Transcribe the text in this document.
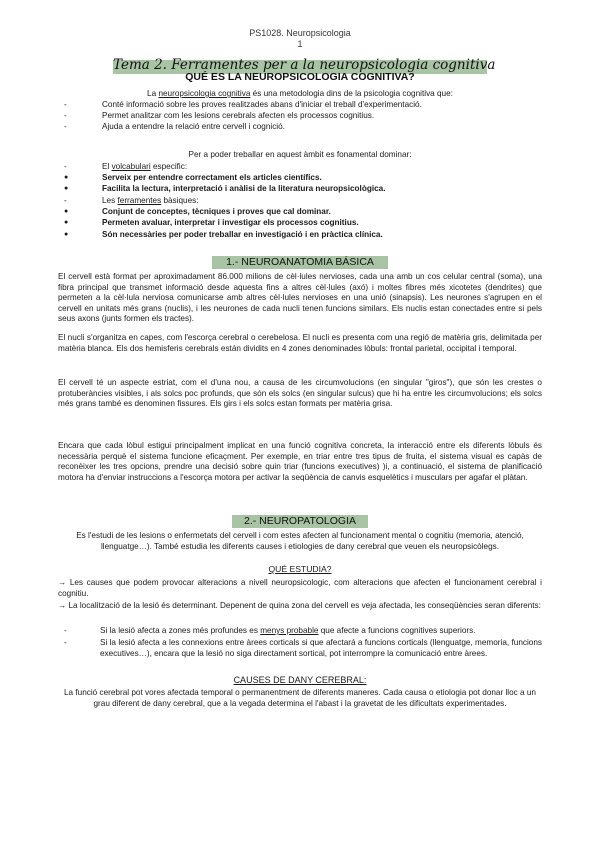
PS1028. Neuropsicologia
1
Tema 2. Ferramentes per a la neuropsicologia cognitiva
QUÉ ES LA NEUROPSICOLOGIA COGNITIVA?
La neuropsicologia cognitiva és una metodologia dins de la psicologia cognitiva que:
-	Conté informació sobre les proves realitzades abans d'iniciar el treball d'experimentació.
-	Permet analitzar com les lesions cerebrals afecten els processos cognitius.
-	Ajuda a entendre la relació entre cervell i cognició.
Per a poder treballar en aquest àmbit es fonamental dominar:
-	El volcabulari especific:
●	Serveix per entendre correctament els articles científics.
●	Facilita la lectura, interpretació i anàlisi de la literatura neuropsicològica.
-	Les ferramentes bàsiques:
●	Conjunt de conceptes, tècniques i proves que cal dominar.
●	Permeten avaluar, interpretar i investigar els processos cognitius.
●	Són necessàries per poder treballar en investigació i en pràctica clínica.
1.- NEUROANATOMIA BÁSICA
El cervell està format per aproximadament 86.000 milions de cèl·lules nervioses, cada una amb un cos celular central (soma), una fibra principal que transmet informació desde aquesta fins a altres cèl·lules (axó) i moltes fibres més xicotetes (dendrites) que permeten a la cèl·lula nerviosa comunicarse amb altres cèl·lules nervioses en una unió (sinapsis). Les neurones s'agrupen en el cervell en unitats més grans (nuclis), i les neurones de cada nucli tenen funcions similars. Els nuclis estan conectades entre si pels seus axons (junts formen els tractes).
El nucli s'organitza en capes, com l'escorça cerebral o cerebelosa. El nucli es presenta com una regió de matèria gris, delimitada per matèria blanca. Els dos hemisferis cerebrals están dividits en 4 zones denominades lòbuls: frontal parietal, occipital i temporal.
El cervell té un aspecte estriat, com el d'una nou, a causa de les circumvolucions (en singular "giros"), que són les crestes o protuberàncies visibles, i als solcs poc profunds, que són els solcs (en singular sulcus) que hi ha entre les circumvolucions; els solcs més grans també es denominen fissures. Els girs i els solcs estan formats per matèria grisa.
Encara que cada lòbul estigui principalment implicat en una funció cognitiva concreta, la interacció entre els diferents lòbuls és necessària perquè el sistema funcione eficaçment. Per exemple, en triar entre tres tipus de fruita, el sistema visual es capàs de reconèixer les tres opcions, prendre una decisió sobre quin triar (funcions executives) )i, a continuació, el sistema de planificació motora ha d'enviar instruccions a l'escorça motora per activar la seqüència de canvis esquelètics i musculars per agafar el plàtan.
2.- NEUROPATOLOGIA
Es l'estudi de les lesions o enfermetats del cervell i com estes afecten al funcionament mental o cognitiu (memoria, atenció, llenguatge…). També estudia les diferents causes i etiologies de dany cerebral que veuen els neuropsicòlegs.
QUÉ ESTUDIA?
→ Les causes que podem provocar alteracions a nivell neuropsicologic, com alteracions que afecten el funcionament cerebral i cognitiu.
→ La localització de la lesió és determinant. Depenent de quina zona del cervell es veja afectada, les conseqüències seran diferents:
-	Si la lesió afecta a zones més profundes es menys probable que afecte a funcions cognitives superiors.
-	Si la lesió afecta a les connexions entre àrees corticals si que afectará a funcions corticals (llenguatge, memoria, funcions executives…), encara que la lesió no siga directament sortical, pot interrompre la comunicació entre àrees.
CAUSES DE DANY CEREBRAL:
La funció cerebral pot vores afectada temporal o permanentment de diferents maneres. Cada causa o etiologia pot donar lloc a un grau diferent de dany cerebral, que a la vegada determina el l'abast i la gravetat de les dificultats experimentades.
